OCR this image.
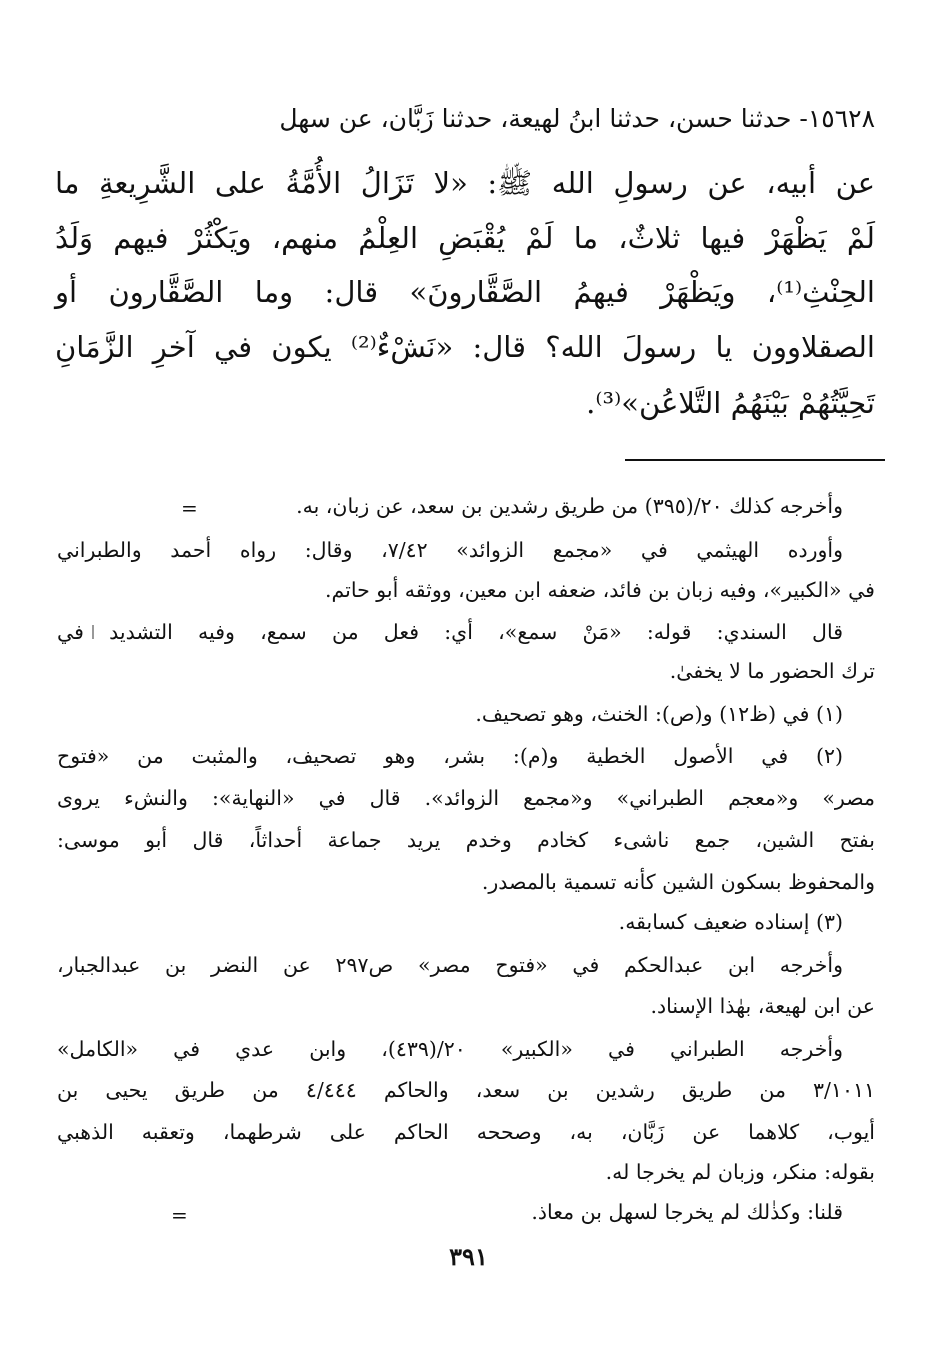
١٥٦٢٨- حدثنا حسن، حدثنا ابنُ لهيعة، حدثنا زَبَّان، عن سهل
عن أبيه، عن رسولِ الله ﷺ: «لا تَزَالُ الأُمَّةُ على الشَّرِيعةِ ما
لَمْ يَظْهَرْ فيها ثلاثٌ، ما لَمْ يُقْبَضِ العِلْمُ منهم، ويَكْثُرْ فيهم وَلَدُ
الحِنْثِ⁽¹⁾، ويَظْهَرْ فيهمُ الصَّقَّارونَ» قال: وما الصَّقَّارون أو
الصقلاوون يا رسولَ الله؟ قال: «نَشْءٌ⁽²⁾ يكون في آخرِ الزَّمَانِ
تَحِيَّتُهُمْ بَيْنَهُمُ التَّلاعُن»⁽³⁾.
=	وأخرجه كذلك ٢٠/(٣٩٥) من طريق رشدين بن سعد، عن زبان، به.
وأورده الهيثمي في «مجمع الزوائد» ٧/٤٢، وقال: رواه أحمد والطبراني
في «الكبير»، وفيه زبان بن فائد، ضعفه ابن معين، ووثقه أبو حاتم.
قال السندي: قوله: «مَنْ سمع»، أي: فعل من سمع، وفيه التشديد في
ترك الحضور ما لا يخفىٰ.
(١) في (ظ١٢) و(ص): الخنث، وهو تصحيف.
(٢) في الأصول الخطية و(م): بشر، وهو تصحيف، والمثبت من «فتوح
مصر» و«معجم الطبراني» و«مجمع الزوائد». قال في «النهاية»: والنشء يروى
بفتح الشين، جمع ناشىء كخادم وخدم يريد جماعة أحداثاً، قال أبو موسى:
والمحفوظ بسكون الشين كأنه تسمية بالمصدر.
(٣) إسناده ضعيف كسابقه.
وأخرجه ابن عبدالحكم في «فتوح مصر» ص٢٩٧ عن النضر بن عبدالجبار،
عن ابن لهيعة، بهٰذا الإسناد.
وأخرجه الطبراني في «الكبير» ٢٠/(٤٣٩)، وابن عدي في «الكامل»
٣/١٠١١ من طريق رشدين بن سعد، والحاكم ٤/٤٤٤ من طريق يحيى بن
أيوب، كلاهما عن زَبَّان، به، وصححه الحاكم على شرطهما، وتعقبه الذهبي
بقوله: منكر، وزبان لم يخرجا له.
قلنا: وكذٰلك لم يخرجا لسهل بن معاذ.
=
٣٩١
